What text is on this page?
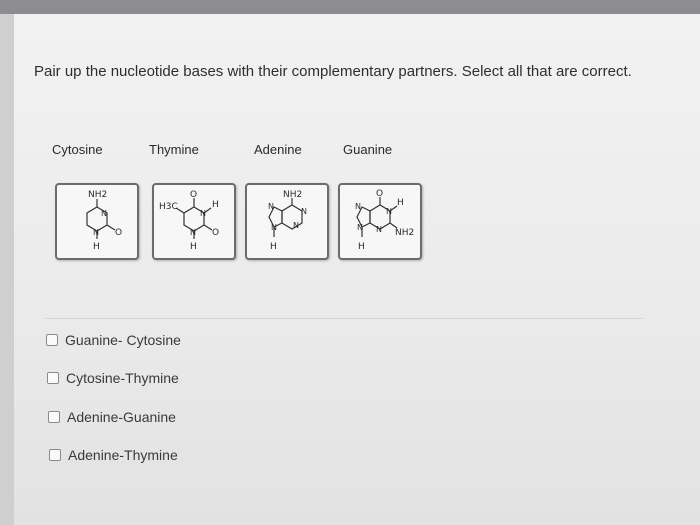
Pair up the nucleotide bases with their complementary partners. Select all that are correct.
Cytosine	Thymine	Adenine	Guanine
NH2
N
O
N
H
H3C
O
H
N
O
N
H
NH2
N
N
N
N
H
O
N
H
N
N N NH2
H
Guanine- Cytosine
Cytosine-Thymine
Adenine-Guanine
Adenine-Thymine
